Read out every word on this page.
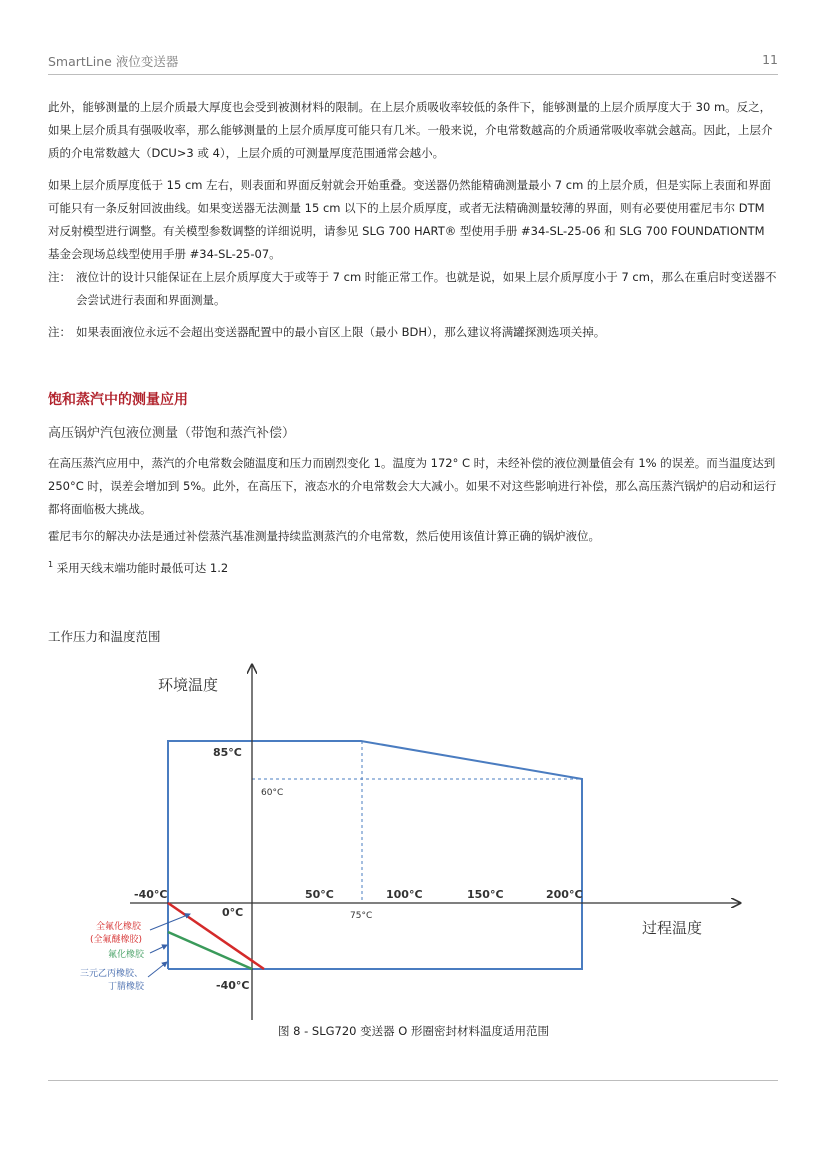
SmartLine 液位变送器	11

此外，能够测量的上层介质最大厚度也会受到被测材料的限制。在上层介质吸收率较低的条件下，能够测量的上层介质厚度大于 30 m。反之，如果上层介质具有强吸收率，那么能够测量的上层介质厚度可能只有几米。一般来说，介电常数越高的介质通常吸收率就会越高。因此，上层介质的介电常数越大（DCU>3 或 4），上层介质的可测量厚度范围通常会越小。

如果上层介质厚度低于 15 cm 左右，则表面和界面反射就会开始重叠。变送器仍然能精确测量最小 7 cm 的上层介质，但是实际上表面和界面可能只有一条反射回波曲线。如果变送器无法测量 15 cm 以下的上层介质厚度，或者无法精确测量较薄的界面，则有必要使用霍尼韦尔 DTM 对反射模型进行调整。有关模型参数调整的详细说明，请参见 SLG 700 HART® 型使用手册 #34-SL-25-06 和 SLG 700 FOUNDATIONTM 基金会现场总线型使用手册 #34-SL-25-07。

注： 液位计的设计只能保证在上层介质厚度大于或等于 7 cm 时能正常工作。也就是说，如果上层介质厚度小于 7 cm，那么在重启时变送器不会尝试进行表面和界面测量。
注： 如果表面液位永远不会超出变送器配置中的最小盲区上限（最小 BDH），那么建议将满罐探测选项关掉。
饱和蒸汽中的测量应用
高压锅炉汽包液位测量（带饱和蒸汽补偿）

在高压蒸汽应用中，蒸汽的介电常数会随温度和压力而剧烈变化 1。温度为 172° C 时，未经补偿的液位测量值会有 1% 的误差。而当温度达到 250°C 时，误差会增加到 5%。此外，在高压下，液态水的介电常数会大大减小。如果不对这些影响进行补偿，那么高压蒸汽锅炉的启动和运行都将面临极大挑战。

霍尼韦尔的解决办法是通过补偿蒸汽基准测量持续监测蒸汽的介电常数，然后使用该值计算正确的锅炉液位。

$^1$ 采用天线末端功能时最低可达 1.2
工作压力和温度范围
环境温度
过程温度
85°C
60°C
0°C
-40°C
-40°C	50°C	100°C	150°C	200°C
75°C
全氟化橡胶
(全氟醚橡胶)
氟化橡胶
三元乙丙橡胶、
丁腈橡胶
图 8 - SLG720 变送器 O 形圈密封材料温度适用范围
